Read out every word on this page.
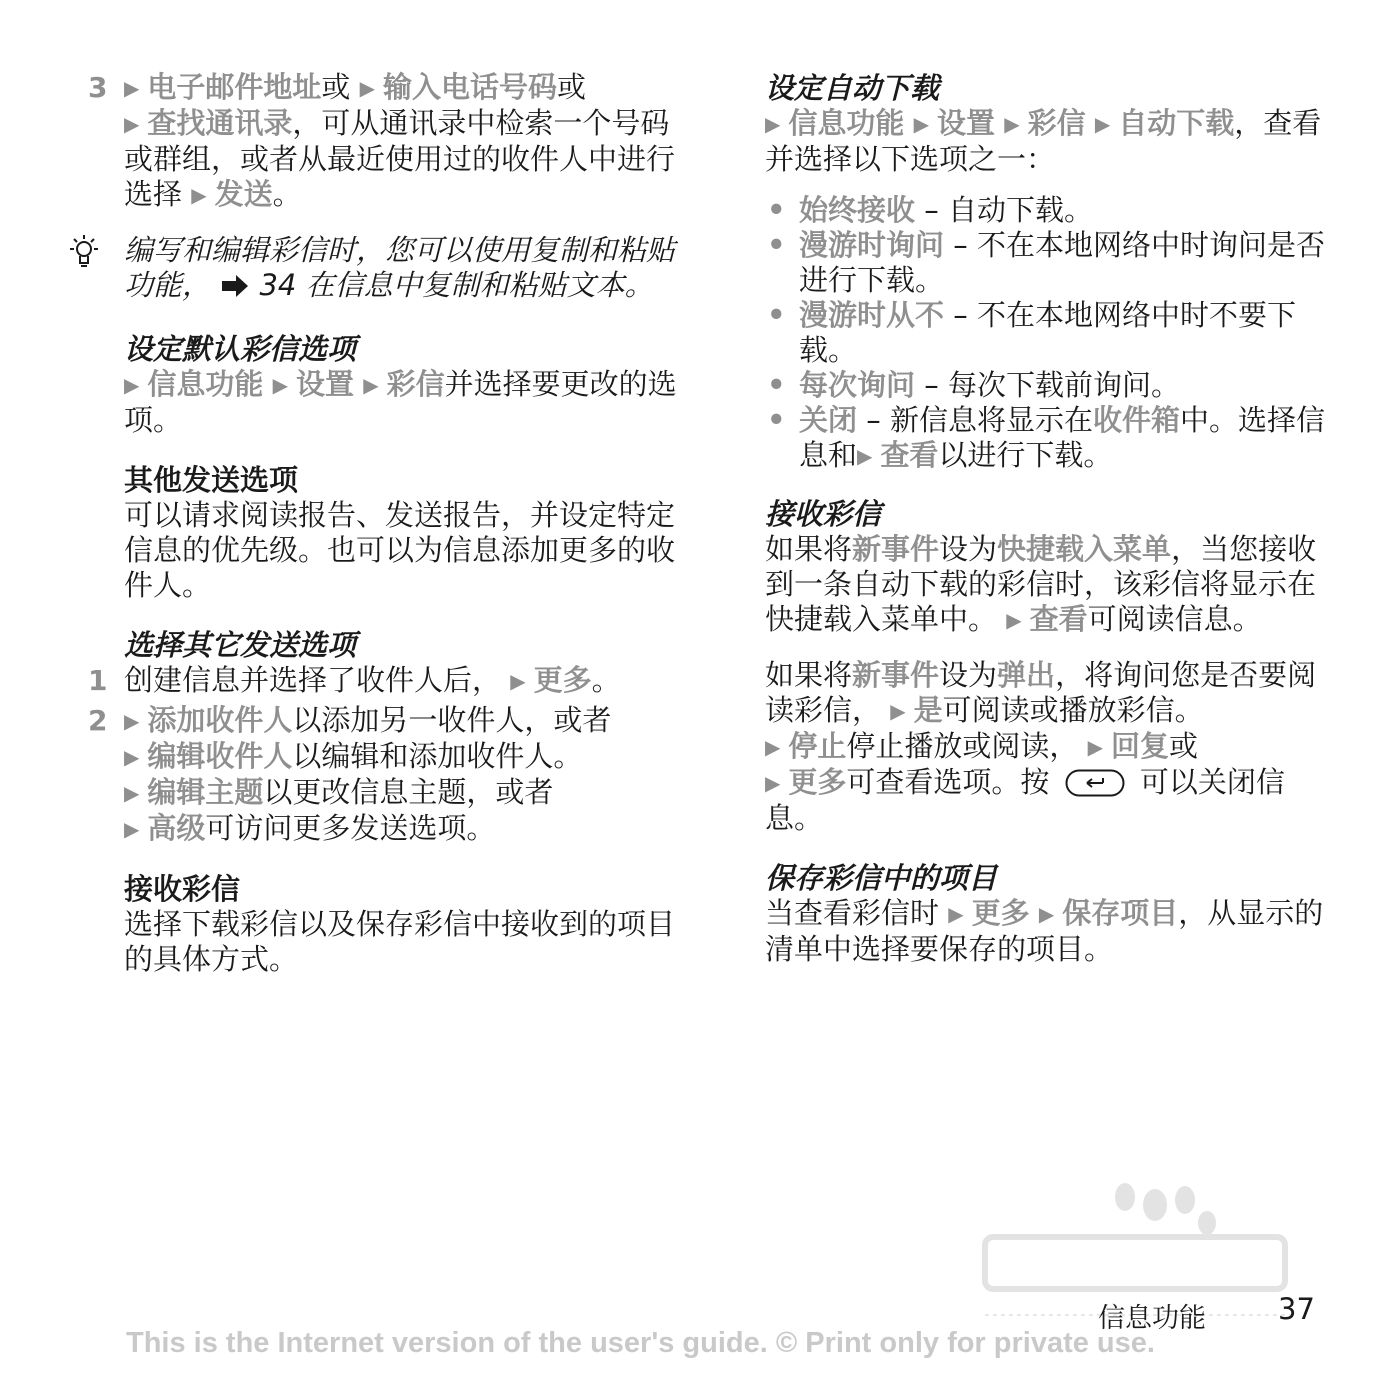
3 ▶ 电子邮件地址或 ▶ 输入电话号码或
▶ 查找通讯录，可从通讯录中检索一个号码或群组，或者从最近使用过的收件人中进行选择 ▶ 发送。
编写和编辑彩信时，您可以使用复制和粘贴功能， 34 在信息中复制和粘贴文本。
设定默认彩信选项
▶ 信息功能 ▶ 设置 ▶ 彩信并选择要更改的选项。
其他发送选项
可以请求阅读报告、发送报告，并设定特定信息的优先级。也可以为信息添加更多的收件人。
选择其它发送选项
1 创建信息并选择了收件人后， ▶ 更多。
2 ▶ 添加收件人以添加另一收件人，或者
▶ 编辑收件人以编辑和添加收件人。
▶ 编辑主题以更改信息主题，或者
▶ 高级可访问更多发送选项。
接收彩信
选择下载彩信以及保存彩信中接收到的项目的具体方式。
设定自动下载
▶ 信息功能 ▶ 设置 ▶ 彩信 ▶ 自动下载，查看并选择以下选项之一：
• 始终接收 – 自动下载。
• 漫游时询问 – 不在本地网络中时询问是否进行下载。
• 漫游时从不 – 不在本地网络中时不要下载。
• 每次询问 – 每次下载前询问。
• 关闭 – 新信息将显示在收件箱中。选择信息和▶ 查看以进行下载。
接收彩信
如果将新事件设为快捷载入菜单，当您接收到一条自动下载的彩信时，该彩信将显示在快捷载入菜单中。 ▶ 查看可阅读信息。
如果将新事件设为弹出，将询问您是否要阅读彩信， ▶ 是可阅读或播放彩信。
▶ 停止停止播放或阅读， ▶ 回复或
▶ 更多可查看选项。按	可以关闭信息。
保存彩信中的项目
当查看彩信时 ▶ 更多 ▶ 保存项目，从显示的清单中选择要保存的项目。
信息功能 37
This is the Internet version of the user's guide. © Print only for private use.
